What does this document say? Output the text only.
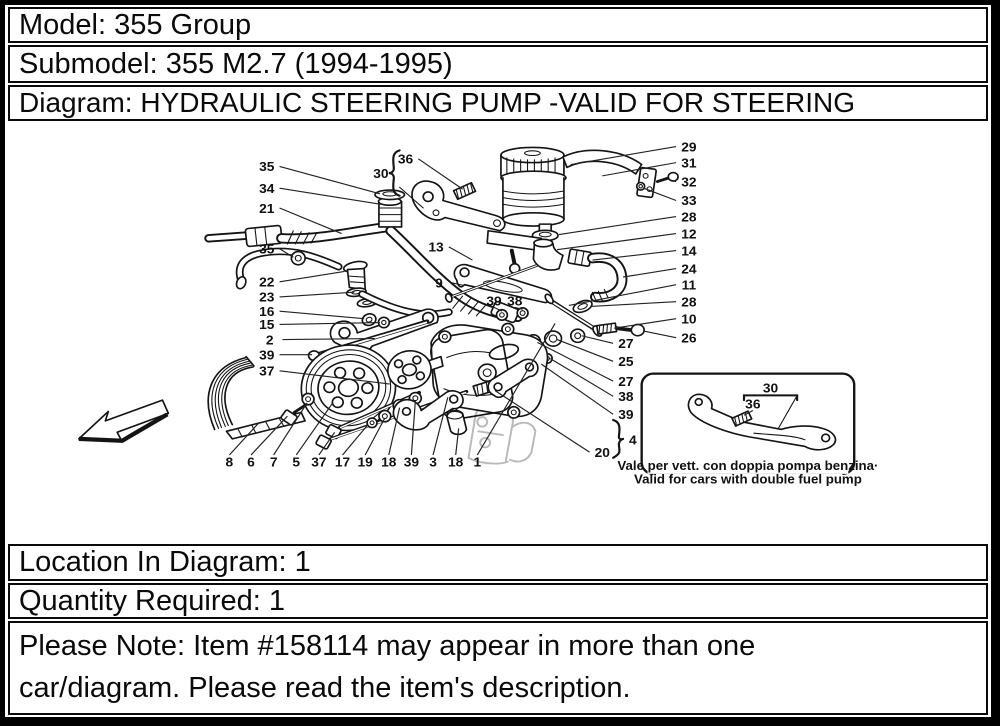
Model: 355 Group
Submodel: 355 M2.7 (1994-1995)
Diagram: HYDRAULIC STEERING PUMP -VALID FOR STEERING
Vale per vett. con doppia pompa benzina·
Valid for cars with double fuel pump
35
34
21
35
22
23
16
15
2
39
37
30
36
13
9
39 38
29
31
32
33
28
12
14
24
11
28
10
26
27
25
27
38
39
4
20
8 6 7 5 37 17 19 18 39 3 18 1
30
36
Location In Diagram: 1
Quantity Required: 1
Please Note: Item #158114 may appear in more than one
car/diagram. Please read the item's description.
